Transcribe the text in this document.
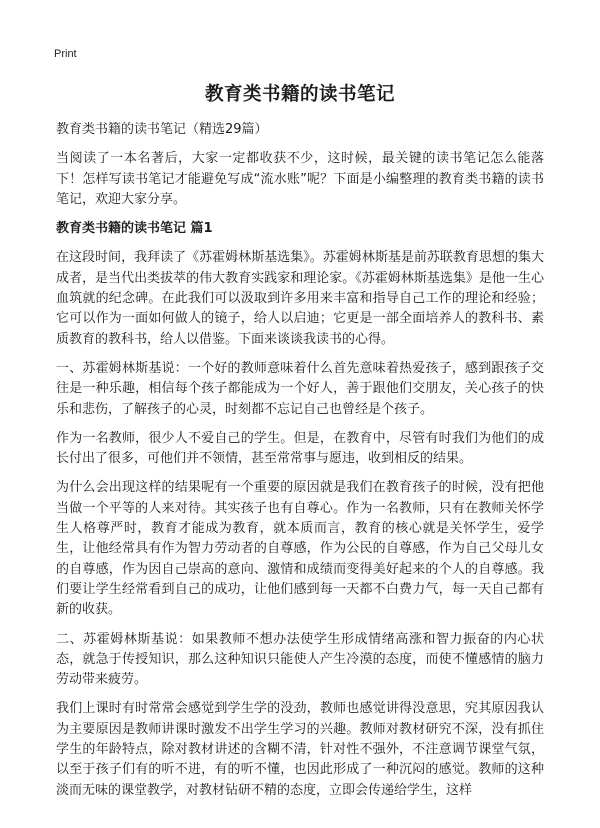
Print
教育类书籍的读书笔记

教育类书籍的读书笔记（精选29篇）

当阅读了一本名著后，大家一定都收获不少，这时候，最关键的读书笔记怎么能落下！怎样写读书笔记才能避免写成“流水账”呢？下面是小编整理的教育类书籍的读书笔记，欢迎大家分享。

教育类书籍的读书笔记 篇1

在这段时间，我拜读了《苏霍姆林斯基选集》。苏霍姆林斯基是前苏联教育思想的集大成者，是当代出类拔萃的伟大教育实践家和理论家。《苏霍姆林斯基选集》是他一生心血筑就的纪念碑。在此我们可以汲取到许多用来丰富和指导自己工作的理论和经验；它可以作为一面如何做人的镜子，给人以启迪；它更是一部全面培养人的教科书、素质教育的教科书，给人以借鉴。下面来谈谈我读书的心得。

一、苏霍姆林斯基说：一个好的教师意味着什么首先意味着热爱孩子，感到跟孩子交往是一种乐趣，相信每个孩子都能成为一个好人，善于跟他们交朋友，关心孩子的快乐和悲伤，了解孩子的心灵，时刻都不忘记自己也曾经是个孩子。

作为一名教师，很少人不爱自己的学生。但是，在教育中，尽管有时我们为他们的成长付出了很多，可他们并不领情，甚至常常事与愿违，收到相反的结果。

为什么会出现这样的结果呢有一个重要的原因就是我们在教育孩子的时候，没有把他当做一个平等的人来对待。其实孩子也有自尊心。作为一名教师，只有在教师关怀学生人格尊严时，教育才能成为教育，就本质而言，教育的核心就是关怀学生，爱学生，让他经常具有作为智力劳动者的自尊感，作为公民的自尊感，作为自己父母儿女的自尊感，作为因自己崇高的意向、激情和成绩而变得美好起来的个人的自尊感。我们要让学生经常看到自己的成功，让他们感到每一天都不白费力气，每一天自己都有新的收获。

二、苏霍姆林斯基说：如果教师不想办法使学生形成情绪高涨和智力振奋的内心状态，就急于传授知识，那么这种知识只能使人产生冷漠的态度，而使不懂感情的脑力劳动带来疲劳。

我们上课时有时常常会感觉到学生学的没劲，教师也感觉讲得没意思，究其原因我认为主要原因是教师讲课时激发不出学生学习的兴趣。教师对教材研究不深，没有抓住学生的年龄特点，除对教材讲述的含糊不清，针对性不强外，不注意调节课堂气氛，以至于孩子们有的听不进，有的听不懂，也因此形成了一种沉闷的感觉。教师的这种淡而无味的课堂教学，对教材钻研不精的态度，立即会传递给学生，这样
